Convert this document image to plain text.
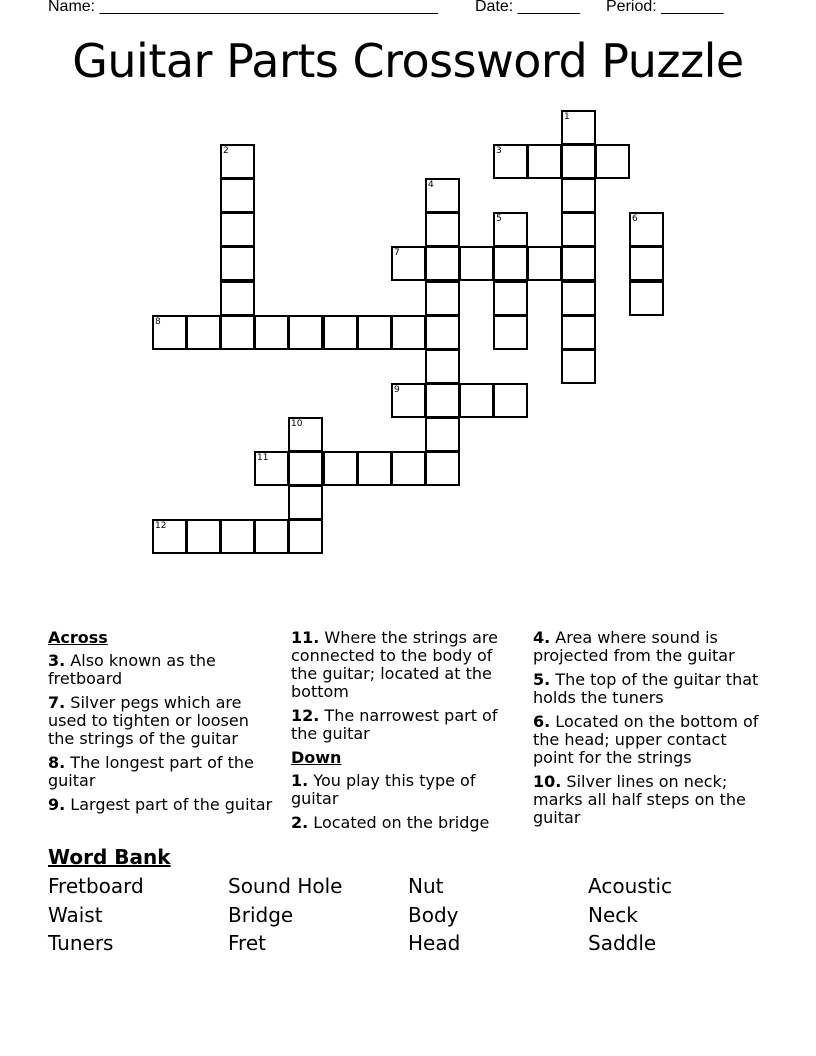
Name: ______________________________________ Date: _______ Period: _______
Guitar Parts Crossword Puzzle
1
2	3
4
5	6
7
8
9
10
11
12
Across
3. Also known as the fretboard
7. Silver pegs which are used to tighten or loosen the strings of the guitar
8. The longest part of the guitar
9. Largest part of the guitar
11. Where the strings are connected to the body of the guitar; located at the bottom
12. The narrowest part of the guitar
Down
1. You play this type of guitar
2. Located on the bridge
4. Area where sound is projected from the guitar
5. The top of the guitar that holds the tuners
6. Located on the bottom of the head; upper contact point for the strings
10. Silver lines on neck; marks all half steps on the guitar
Word Bank
Fretboard	Sound Hole	Nut	Acoustic
Waist	Bridge	Body	Neck
Tuners	Fret	Head	Saddle
